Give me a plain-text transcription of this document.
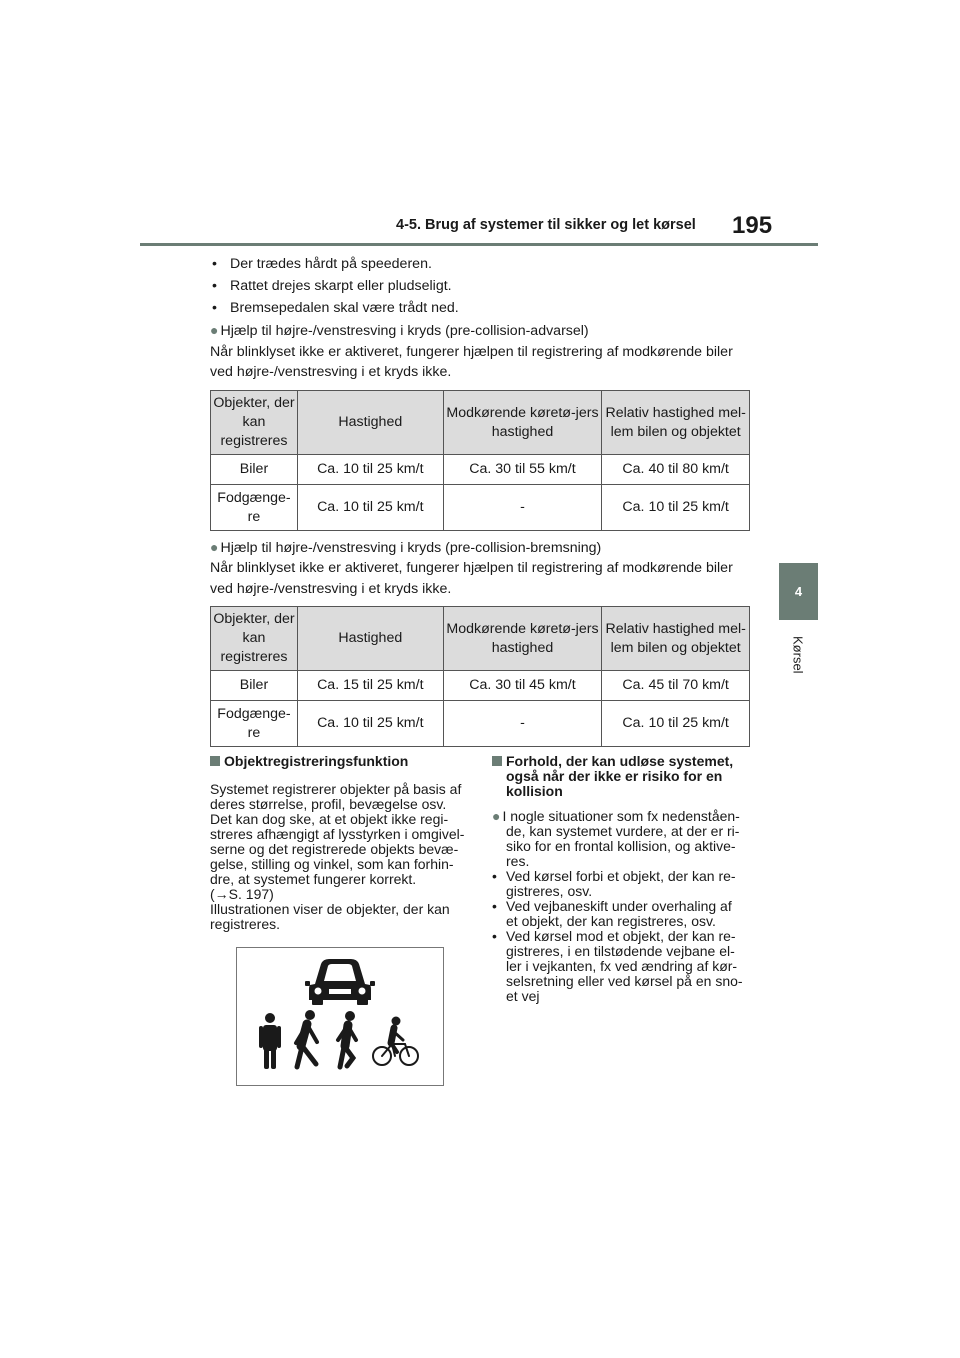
4-5. Brug af systemer til sikker og let kørsel 195
4
Kørsel
• Der trædes hårdt på speederen.
• Rattet drejes skarpt eller pludseligt.
• Bremsepedalen skal være trådt ned.
● Hjælp til højre-/venstresving i kryds (pre-collision-advarsel)
Når blinklyset ikke er aktiveret, fungerer hjælpen til registrering af modkørende biler
ved højre-/venstresving i et kryds ikke.
Objekter, der kan registreres	Hastighed	Modkørende køretø-jers hastighed	Relativ hastighed mel-lem bilen og objektet
Biler	Ca. 10 til 25 km/t	Ca. 30 til 55 km/t	Ca. 40 til 80 km/t
Fodgænge-re	Ca. 10 til 25 km/t	-	Ca. 10 til 25 km/t
● Hjælp til højre-/venstresving i kryds (pre-collision-bremsning)
Når blinklyset ikke er aktiveret, fungerer hjælpen til registrering af modkørende biler
ved højre-/venstresving i et kryds ikke.
Objekter, der kan registreres	Hastighed	Modkørende køretø-jers hastighed	Relativ hastighed mel-lem bilen og objektet
Biler	Ca. 15 til 25 km/t	Ca. 30 til 45 km/t	Ca. 45 til 70 km/t
Fodgænge-re	Ca. 10 til 25 km/t	-	Ca. 10 til 25 km/t

Objektregistreringsfunktion

Systemet registrerer objekter på basis af

deres størrelse, profil, bevægelse osv.

Det kan dog ske, at et objekt ikke regi-

streres afhængigt af lysstyrken i omgivel-

serne og det registrerede objekts bevæ-

gelse, stilling og vinkel, som kan forhin-

dre, at systemet fungerer korrekt.

(→S. 197)

Illustrationen viser de objekter, der kan

registreres.

Forhold, der kan udløse systemet,

også når der ikke er risiko for en

kollision

● I nogle situationer som fx nedenståen-

de, kan systemet vurdere, at der er ri-

siko for en frontal kollision, og aktive-

res.

• Ved kørsel forbi et objekt, der kan re-

gistreres, osv.

• Ved vejbaneskift under overhaling af

et objekt, der kan registreres, osv.

• Ved kørsel mod et objekt, der kan re-

gistreres, i en tilstødende vejbane el-

ler i vejkanten, fx ved ændring af kør-

selsretning eller ved kørsel på en sno-

et vej
